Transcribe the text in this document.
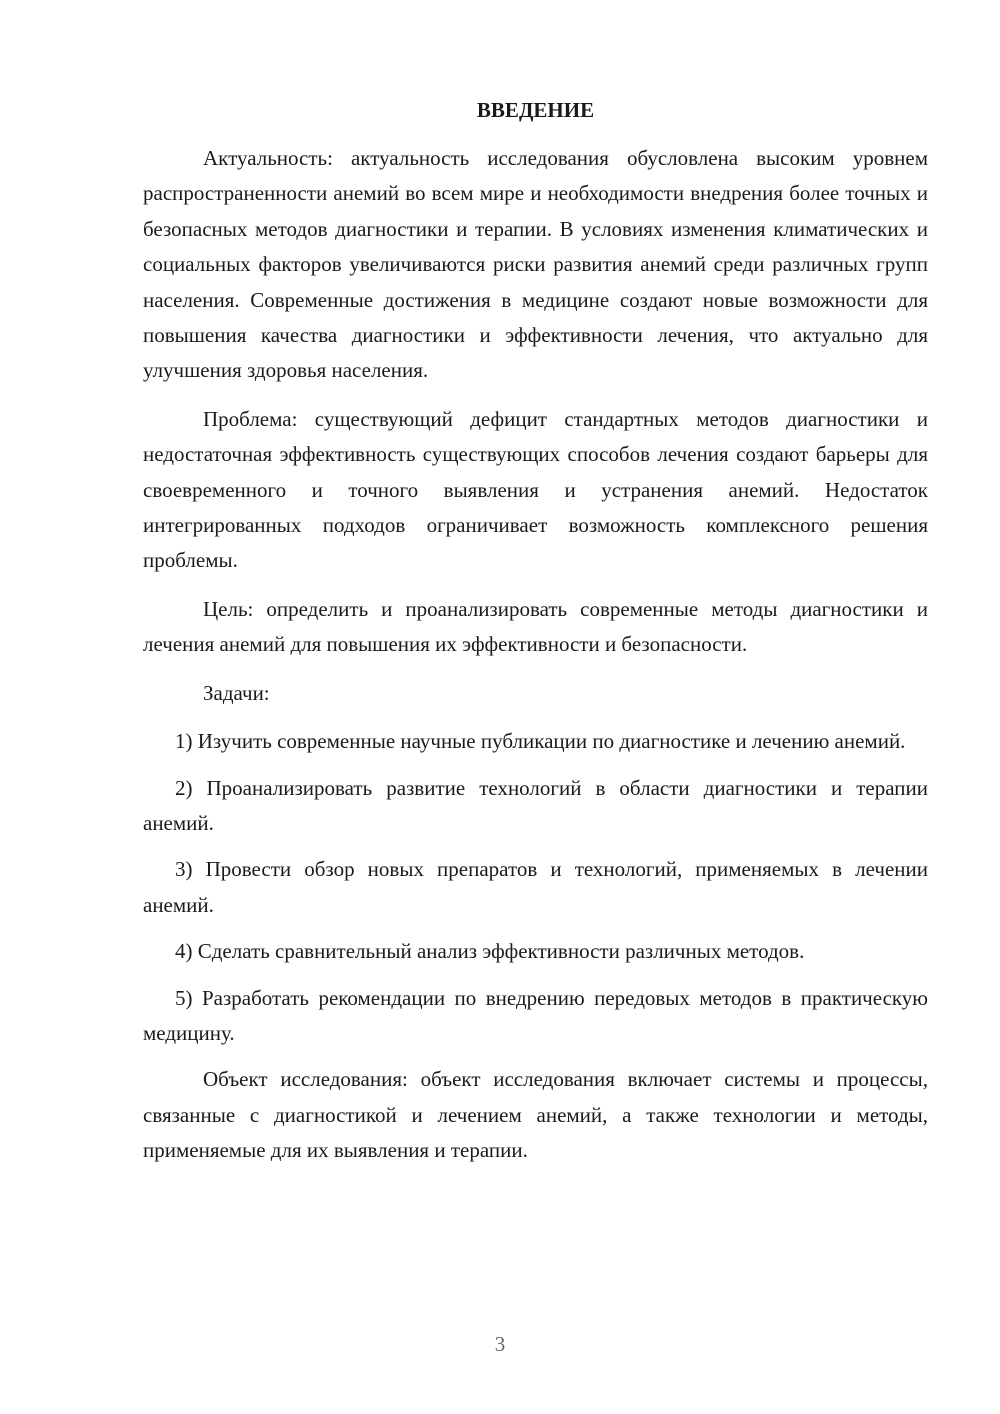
ВВЕДЕНИЕ

Актуальность: актуальность исследования обусловлена высоким уровнем распространенности анемий во всем мире и необходимости внедрения более точных и безопасных методов диагностики и терапии. В условиях изменения климатических и социальных факторов увеличиваются риски развития анемий среди различных групп населения. Современные достижения в медицине создают новые возможности для повышения качества диагностики и эффективности лечения, что актуально для улучшения здоровья населения.

Проблема: существующий дефицит стандартных методов диагностики и недостаточная эффективность существующих способов лечения создают барьеры для своевременного и точного выявления и устранения анемий. Недостаток интегрированных подходов ограничивает возможность комплексного решения проблемы.

Цель: определить и проанализировать современные методы диагностики и лечения анемий для повышения их эффективности и безопасности.

Задачи:

1) Изучить современные научные публикации по диагностике и лечению анемий.

2) Проанализировать развитие технологий в области диагностики и терапии анемий.

3) Провести обзор новых препаратов и технологий, применяемых в лечении анемий.

4) Сделать сравнительный анализ эффективности различных методов.

5) Разработать рекомендации по внедрению передовых методов в практическую медицину.

Объект исследования: объект исследования включает системы и процессы, связанные с диагностикой и лечением анемий, а также технологии и методы, применяемые для их выявления и терапии.

3
